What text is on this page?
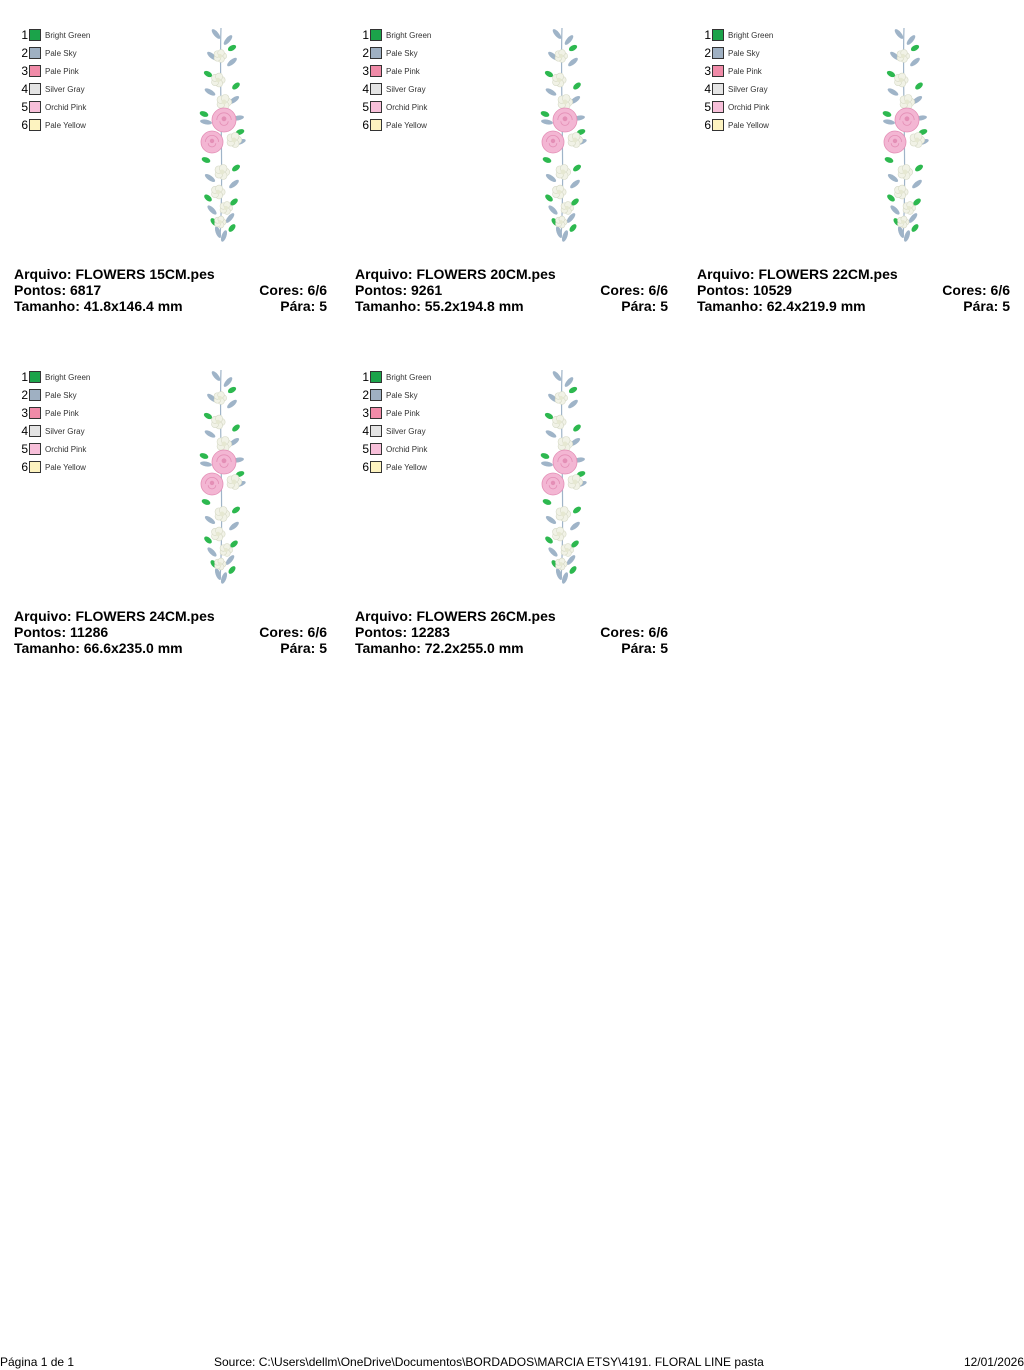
1 Bright Green
2 Pale Sky
3 Pale Pink
4 Silver Gray
5 Orchid Pink
6 Pale Yellow
Arquivo: FLOWERS 15CM.pes
Pontos: 6817	Cores: 6/6
Tamanho: 41.8x146.4 mm	Pára: 5
1 Bright Green
2 Pale Sky
3 Pale Pink
4 Silver Gray
5 Orchid Pink
6 Pale Yellow
Arquivo: FLOWERS 20CM.pes
Pontos: 9261	Cores: 6/6
Tamanho: 55.2x194.8 mm	Pára: 5
1 Bright Green
2 Pale Sky
3 Pale Pink
4 Silver Gray
5 Orchid Pink
6 Pale Yellow
Arquivo: FLOWERS 22CM.pes
Pontos: 10529	Cores: 6/6
Tamanho: 62.4x219.9 mm	Pára: 5
1 Bright Green
2 Pale Sky
3 Pale Pink
4 Silver Gray
5 Orchid Pink
6 Pale Yellow
Arquivo: FLOWERS 24CM.pes
Pontos: 11286	Cores: 6/6
Tamanho: 66.6x235.0 mm	Pára: 5
1 Bright Green
2 Pale Sky
3 Pale Pink
4 Silver Gray
5 Orchid Pink
6 Pale Yellow
Arquivo: FLOWERS 26CM.pes
Pontos: 12283	Cores: 6/6
Tamanho: 72.2x255.0 mm	Pára: 5
Página 1 de 1	Source: C:\Users\dellm\OneDrive\Documentos\BORDADOS\MARCIA ETSY\4191. FLORAL LINE pasta	12/01/2026
